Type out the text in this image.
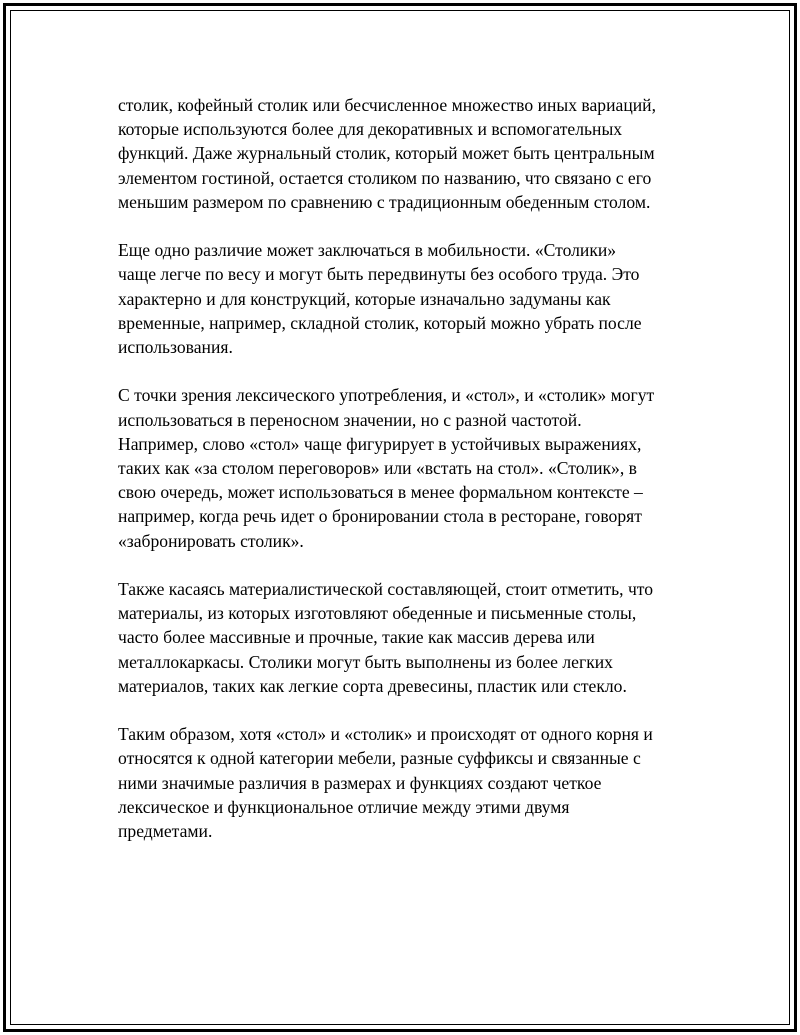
столик, кофейный столик или бесчисленное множество иных вариаций,
которые используются более для декоративных и вспомогательных
функций. Даже журнальный столик, который может быть центральным
элементом гостиной, остается столиком по названию, что связано с его
меньшим размером по сравнению с традиционным обеденным столом.

Еще одно различие может заключаться в мобильности. «Столики»
чаще легче по весу и могут быть передвинуты без особого труда. Это
характерно и для конструкций, которые изначально задуманы как
временные, например, складной столик, который можно убрать после
использования.

С точки зрения лексического употребления, и «стол», и «столик» могут
использоваться в переносном значении, но с разной частотой.
Например, слово «стол» чаще фигурирует в устойчивых выражениях,
таких как «за столом переговоров» или «встать на стол». «Столик», в
свою очередь, может использоваться в менее формальном контексте –
например, когда речь идет о бронировании стола в ресторане, говорят
«забронировать столик».

Также касаясь материалистической составляющей, стоит отметить, что
материалы, из которых изготовляют обеденные и письменные столы,
часто более массивные и прочные, такие как массив дерева или
металлокаркасы. Столики могут быть выполнены из более легких
материалов, таких как легкие сорта древесины, пластик или стекло.

Таким образом, хотя «стол» и «столик» и происходят от одного корня и
относятся к одной категории мебели, разные суффиксы и связанные с
ними значимые различия в размерах и функциях создают четкое
лексическое и функциональное отличие между этими двумя
предметами.
